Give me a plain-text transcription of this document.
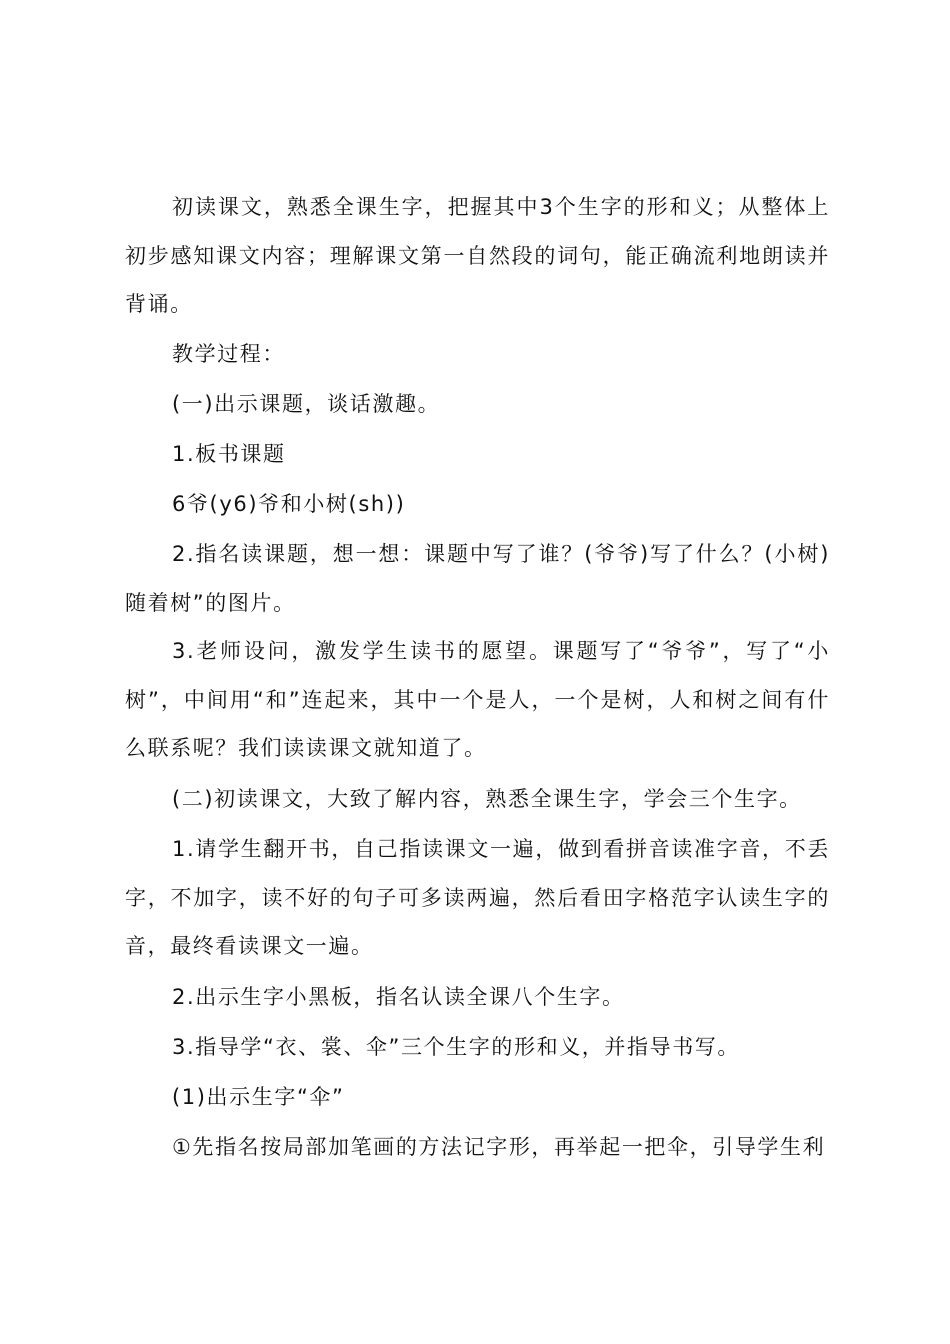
初读课文，熟悉全课生字，把握其中3个生字的形和义；从整体上初步感知课文内容；理解课文第一自然段的词句，能正确流利地朗读并背诵。

教学过程：

(一)出示课题，谈话激趣。

1.板书课题

6爷(y6)爷和小树(sh))

2.指名读课题，想一想：课题中写了谁？(爷爷)写了什么？(小树)随着树”的图片。

3.老师设问，激发学生读书的愿望。课题写了“爷爷”，写了“小树”，中间用“和”连起来，其中一个是人，一个是树，人和树之间有什么联系呢？我们读读课文就知道了。

(二)初读课文，大致了解内容，熟悉全课生字，学会三个生字。

1.请学生翻开书，自己指读课文一遍，做到看拼音读准字音，不丢字，不加字，读不好的句子可多读两遍，然后看田字格范字认读生字的音，最终看读课文一遍。

2.出示生字小黑板，指名认读全课八个生字。

3.指导学“衣、裳、伞”三个生字的形和义，并指导书写。

(1)出示生字“伞”

①先指名按局部加笔画的方法记字形，再举起一把伞，引导学生利
